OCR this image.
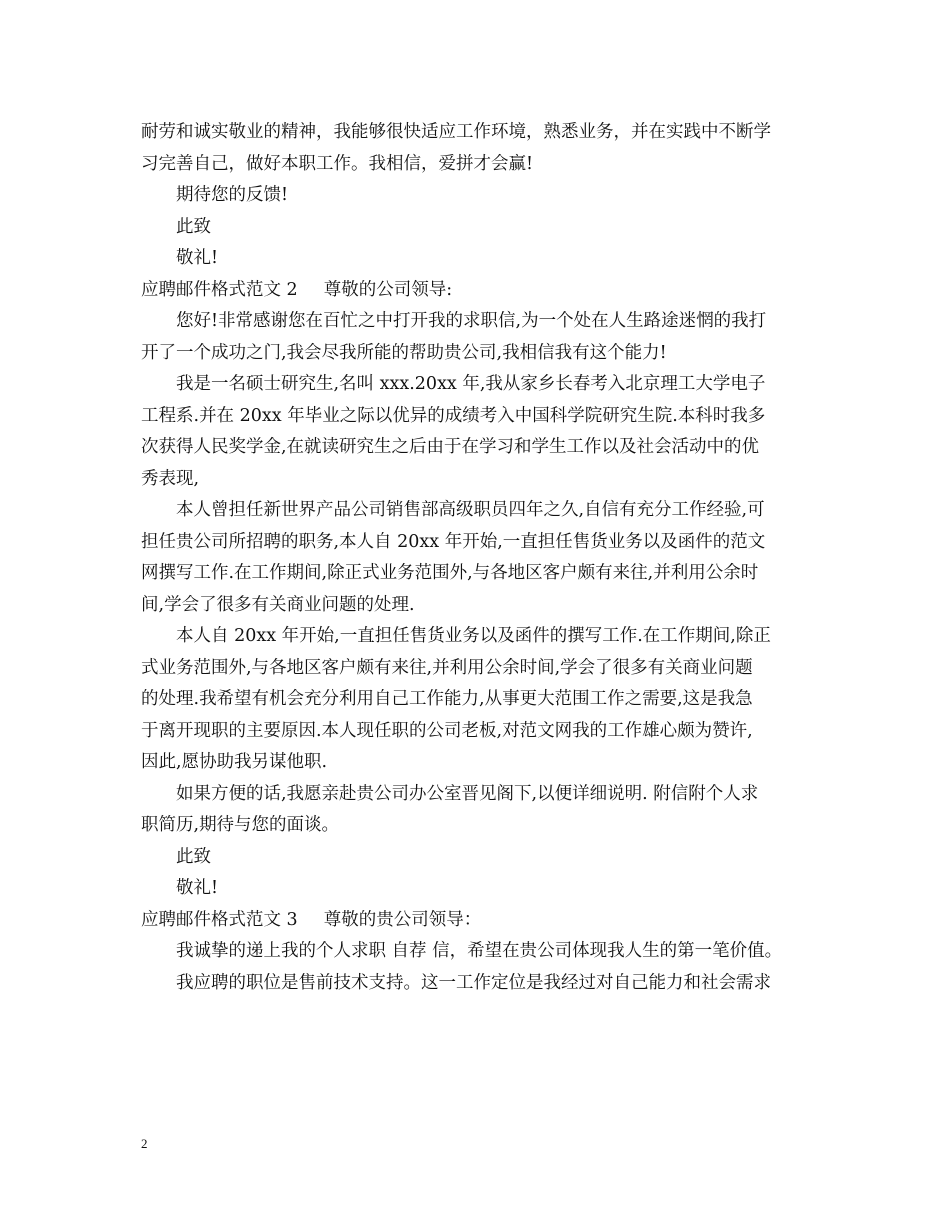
耐劳和诚实敬业的精神，我能够很快适应工作环境，熟悉业务，并在实践中不断学
习完善自己，做好本职工作。我相信，爱拼才会赢!
期待您的反馈!
此致
敬礼!
应聘邮件格式范文 2 尊敬的公司领导:
您好!非常感谢您在百忙之中打开我的求职信,为一个处在人生路途迷惘的我打
开了一个成功之门,我会尽我所能的帮助贵公司,我相信我有这个能力!
我是一名硕士研究生,名叫 xxx.20xx 年,我从家乡长春考入北京理工大学电子
工程系.并在 20xx 年毕业之际以优异的成绩考入中国科学院研究生院.本科时我多
次获得人民奖学金,在就读研究生之后由于在学习和学生工作以及社会活动中的优
秀表现,
本人曾担任新世界产品公司销售部高级职员四年之久,自信有充分工作经验,可
担任贵公司所招聘的职务,本人自 20xx 年开始,一直担任售货业务以及函件的范文
网撰写工作.在工作期间,除正式业务范围外,与各地区客户颇有来往,并利用公余时
间,学会了很多有关商业问题的处理.
本人自 20xx 年开始,一直担任售货业务以及函件的撰写工作.在工作期间,除正
式业务范围外,与各地区客户颇有来往,并利用公余时间,学会了很多有关商业问题
的处理.我希望有机会充分利用自己工作能力,从事更大范围工作之需要,这是我急
于离开现职的主要原因.本人现任职的公司老板,对范文网我的工作雄心颇为赞许,
因此,愿协助我另谋他职.
如果方便的话,我愿亲赴贵公司办公室晋见阁下,以便详细说明. 附信附个人求
职简历,期待与您的面谈。
此致
敬礼!
应聘邮件格式范文 3 尊敬的贵公司领导：
我诚挚的递上我的个人求职 自荐 信，希望在贵公司体现我人生的第一笔价值。
我应聘的职位是售前技术支持。这一工作定位是我经过对自己能力和社会需求
2
